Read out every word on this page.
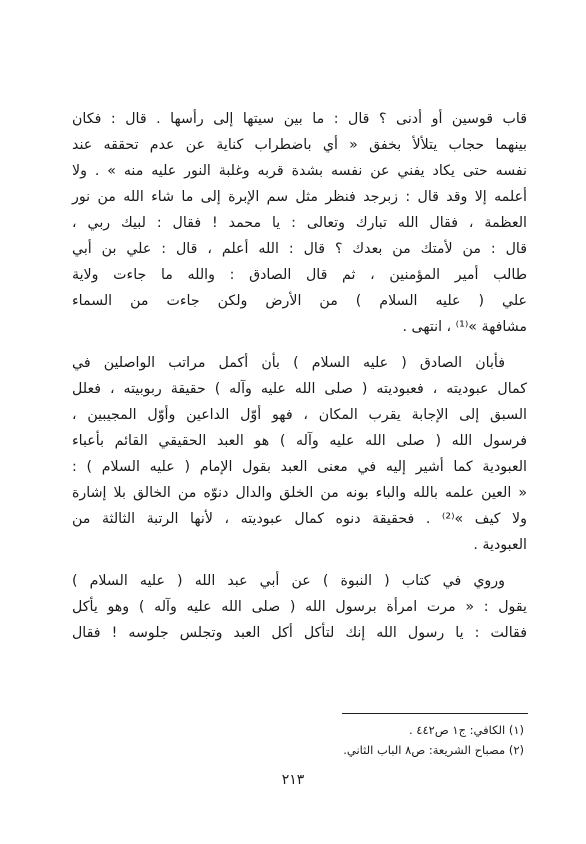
قاب قوسين أو أدنى ؟ قال : ما بين سيتها إلى رأسها . قال : فكان
بينهما حجاب يتلألأ بخفق « أي باضطراب كناية عن عدم تحققه عند
نفسه حتى يكاد يفني عن نفسه بشدة قربه وغلبة النور عليه منه » . ولا
أعلمه إلا وقد قال : زبرجد فنظر مثل سم الإبرة إلى ما شاء الله من نور
العظمة ، فقال الله تبارك وتعالى : يا محمد ! فقال : لبيك ربي ،
قال : من لأمتك من بعدك ؟ قال : الله أعلم ، قال : علي بن أبي
طالب أمير المؤمنين ، ثم قال الصادق : والله ما جاءت ولاية
علي ( عليه السلام ) من الأرض ولكن جاءت من السماء
مشافهة »⁽¹⁾ ، انتهى .
فأبان الصادق ( عليه السلام ) بأن أكمل مراتب الواصلين في
كمال عبوديته ، فعبوديته ( صلى الله عليه وآله ) حقيقة ربوبيته ، فعلل
السبق إلى الإجابة يقرب المكان ، فهو أوّل الداعين وأوّل المجيبين ،
فرسول الله ( صلى الله عليه وآله ) هو العبد الحقيقي القائم بأعباء
العبودية كما أشير إليه في معنى العبد بقول الإمام ( عليه السلام ) :
« العين علمه بالله والباء بونه من الخلق والدال دنوّه من الخالق بلا إشارة
ولا كيف »⁽²⁾ . فحقيقة دنوه كمال عبوديته ، لأنها الرتبة الثالثة من
العبودية .
وروي في كتاب ( النبوة ) عن أبي عبد الله ( عليه السلام )
يقول : « مرت امرأة برسول الله ( صلى الله عليه وآله ) وهو يأكل
فقالت : يا رسول الله إنك لتأكل أكل العبد وتجلس جلوسه ! فقال
(١) الكافي: ج١ ص٤٤٢ .
(٢) مصباح الشريعة: ص٨ الباب الثاني.
٢١٣
